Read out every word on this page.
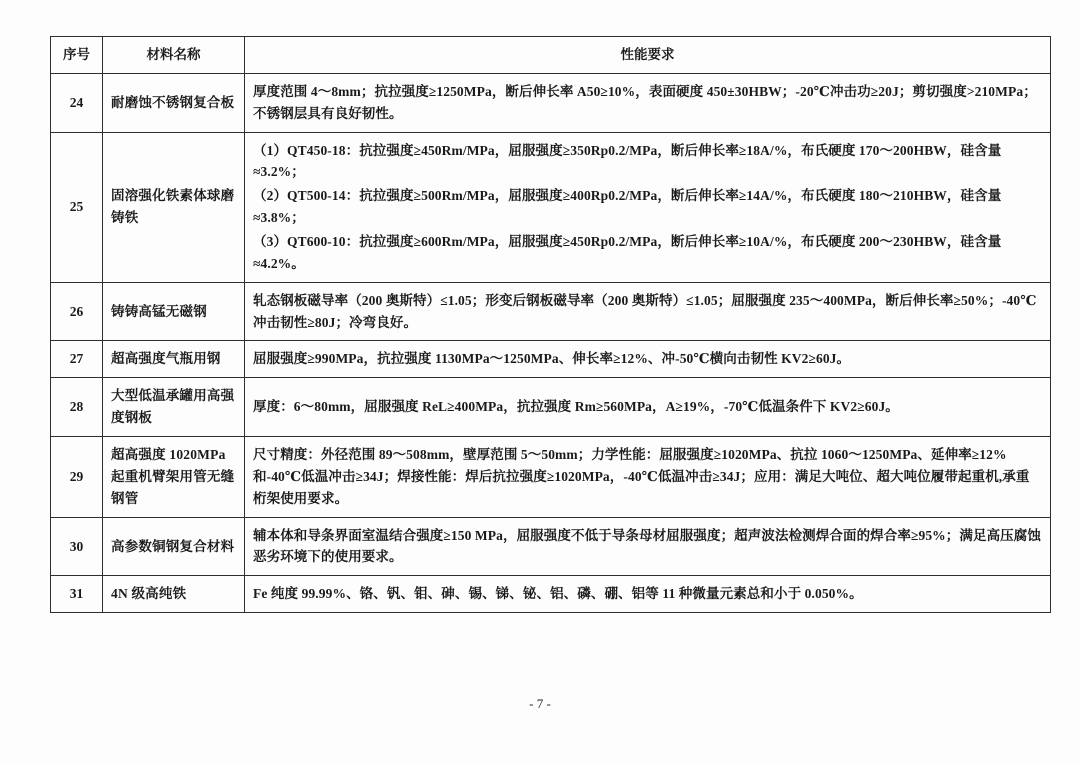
序号	材料名称	性能要求
24	耐磨蚀不锈钢复合板	厚度范围 4～8mm；抗拉强度≥1250MPa，断后伸长率 A50≥10%，表面硬度 450±30HBW；-20℃冲击功≥20J；剪切强度>210MPa；不锈钢层具有良好韧性。

25	固溶强化铁素体球磨铸铁	（1）QT450-18：抗拉强度≥450Rm/MPa，屈服强度≥350Rp0.2/MPa，断后伸长率≥18A/%，布氏硬度 170～200HBW，硅含量≈3.2%；

（2）QT500-14：抗拉强度≥500Rm/MPa，屈服强度≥400Rp0.2/MPa，断后伸长率≥14A/%，布氏硬度 180～210HBW，硅含量≈3.8%；

（3）QT600-10：抗拉强度≥600Rm/MPa，屈服强度≥450Rp0.2/MPa，断后伸长率≥10A/%，布氏硬度 200～230HBW，硅含量≈4.2%。

26	铸铸高锰无磁钢	轧态钢板磁导率（200 奥斯特）≤1.05；形变后钢板磁导率（200 奥斯特）≤1.05；屈服强度 235～400MPa，断后伸长率≥50%；-40℃冲击韧性≥80J；冷弯良好。

27	超高强度气瓶用钢	屈服强度≥990MPa，抗拉强度 1130MPa～1250MPa、伸长率≥12%、冲-50℃横向击韧性 KV2≥60J。

28	大型低温承罐用高强度钢板	厚度：6～80mm，屈服强度 ReL≥400MPa，抗拉强度 Rm≥560MPa，A≥19%，-70℃低温条件下 KV2≥60J。

29	超高强度 1020MPa 起重机臂架用管无缝钢管	尺寸精度：外径范围 89～508mm，壁厚范围 5～50mm；力学性能：屈服强度≥1020MPa、抗拉 1060～1250MPa、延伸率≥12%和-40℃低温冲击≥34J；焊接性能：焊后抗拉强度≥1020MPa，-40℃低温冲击≥34J；应用：满足大吨位、超大吨位履带起重机,承重桁架使用要求。

30	高参数铜钢复合材料	辅本体和导条界面室温结合强度≥150 MPa，屈服强度不低于导条母材屈服强度；超声波法检测焊合面的焊合率≥95%；满足高压腐蚀恶劣环境下的使用要求。

31	4N 级高纯铁	Fe 纯度 99.99%、铬、钒、钼、砷、锡、锑、铋、铝、磷、硼、铝等 11 种微量元素总和小于 0.050%。

- 7 -
